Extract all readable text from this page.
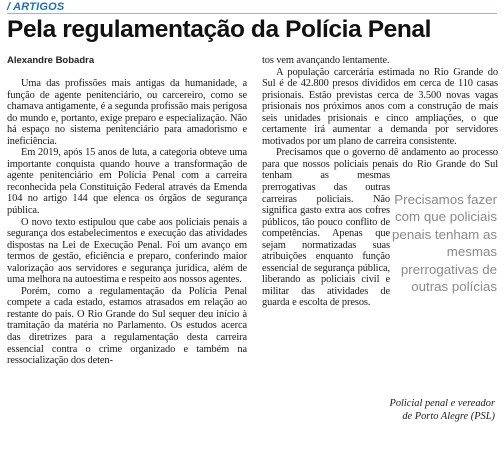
/ ARTIGOS
Pela regulamentação da Polícia Penal
Alexandre Bobadra

Uma das profissões mais antigas da humanidade, a função de agente penitenciário, ou carcereiro, como se chamava antigamente, é a segunda profissão mais perigosa do mundo e, portanto, exige preparo e especialização. Não há espaço no sistema penitenciário para amadorismo e ineficiência.

Em 2019, após 15 anos de luta, a categoria obteve uma importante conquista quando houve a transformação de agente penitenciário em Polícia Penal com a carreira reconhecida pela Constituição Federal através da Emenda 104 no artigo 144 que elenca os órgãos de segurança pública.

O novo texto estipulou que cabe aos policiais penais a segurança dos estabelecimentos e execução das atividades dispostas na Lei de Execução Penal. Foi um avanço em termos de gestão, eficiência e preparo, conferindo maior valorização aos servidores e segurança jurídica, além de uma melhora na autoestima e respeito aos nossos agentes.

Porém, como a regulamentação da Polícia Penal compete a cada estado, estamos atrasados em relação ao restante do país. O Rio Grande do Sul sequer deu início à tramitação da matéria no Parlamento. Os estudos acerca das diretrizes para a regulamentação desta carreira essencial contra o crime organizado e também na ressocialização dos deten-

tos vem avançando lentamente.

A população carcerária estimada no Rio Grande do Sul é de 42.800 presos divididos em cerca de 110 casas prisionais. Estão previstas cerca de 3.500 novas vagas prisionais nos próximos anos com a construção de mais seis unidades prisionais e cinco ampliações, o que certamente irá aumentar a demanda por servidores motivados por um plano de carreira consistente.

Precisamos que o governo dê andamento ao processo para que nossos policiais penais do Rio Grande do Sul tenham as mesmas prerrogativas das outras carreiras policiais. Não significa gasto extra aos cofres públicos, tão pouco conflito de competências. Apenas que sejam normatizadas suas atribuições enquanto função essencial de segurança pública, liberando as policiais civil e militar das atividades de guarda e escolta de presos.

Precisamos fazer com que policiais penais tenham as mesmas prerrogativas de outras polícias
Policial penal e vereador
de Porto Alegre (PSL)
